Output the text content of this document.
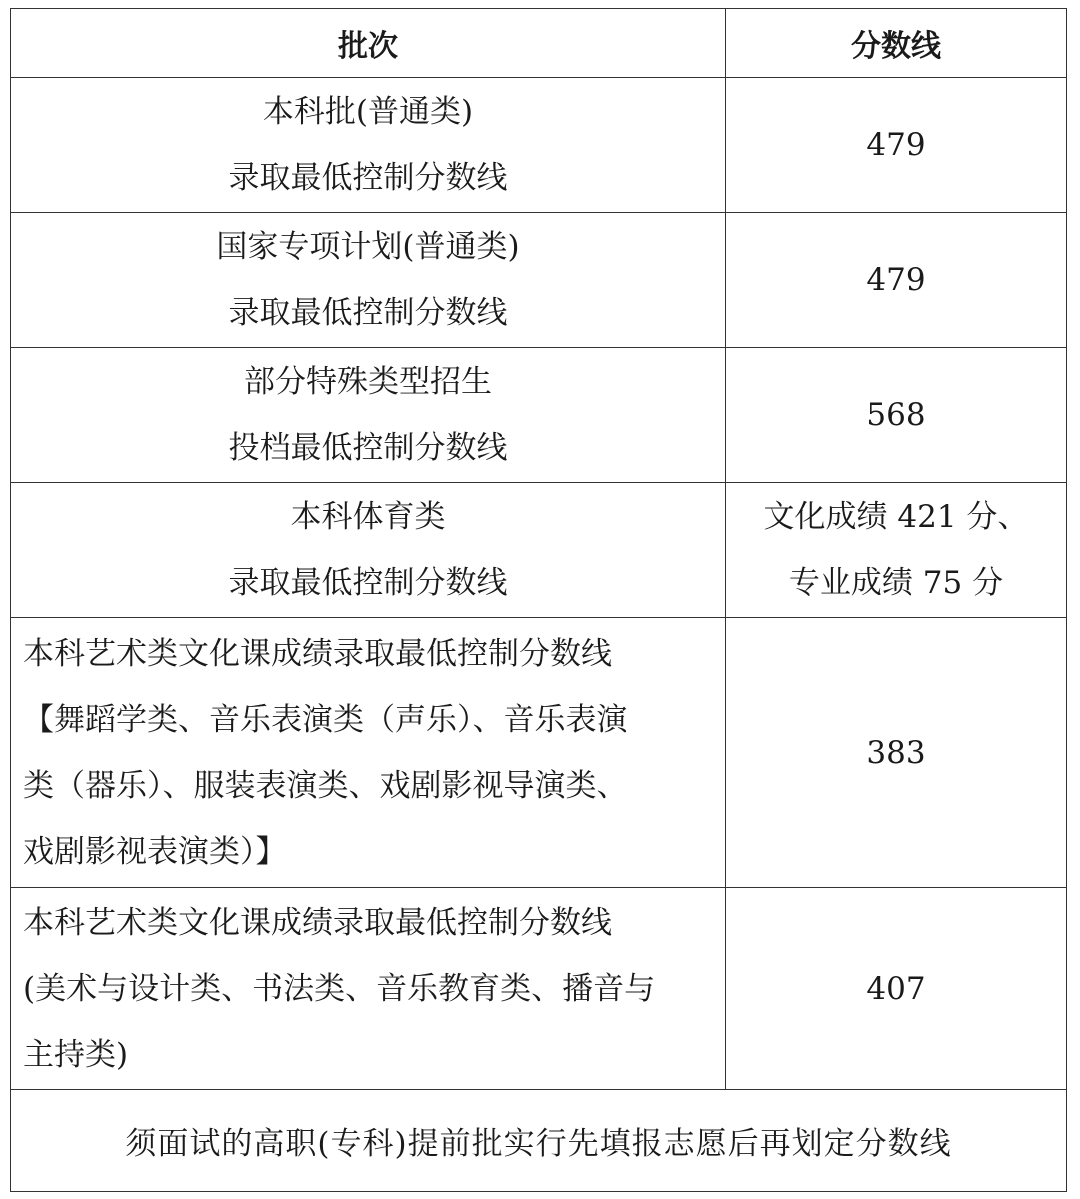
批次	分数线

本科批(普通类)
录取最低控制分数线	479

国家专项计划(普通类)
录取最低控制分数线	479

部分特殊类型招生
投档最低控制分数线	568

本科体育类
录取最低控制分数线	文化成绩 421 分、
专业成绩 75 分

本科艺术类文化课成绩录取最低控制分数线
【舞蹈学类、音乐表演类（声乐）、音乐表演
类（器乐）、服装表演类、戏剧影视导演类、
戏剧影视表演类）】	383

本科艺术类文化课成绩录取最低控制分数线
(美术与设计类、书法类、音乐教育类、播音与
主持类)	407

须面试的高职(专科)提前批实行先填报志愿后再划定分数线	
